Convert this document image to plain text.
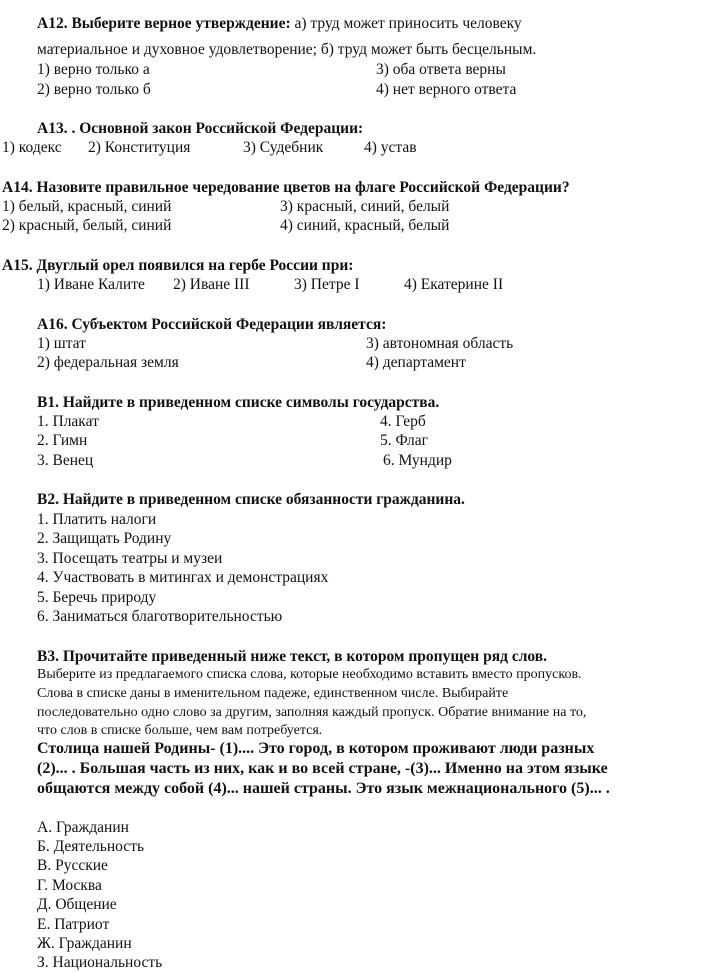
А12. Выберите верное утверждение: а) труд может приносить человеку
материальное и духовное удовлетворение; б) труд может быть бесцельным.
1) верно только а
2) верно только б
3) оба ответа верны
4) нет верного ответа
А13. . Основной закон Российской Федерации:
1) кодекс 2) Конституция	3) Судебник	4) устав
А14. Назовите правильное чередование цветов на флаге Российской Федерации?
1) белый, красный, синий
2) красный, белый, синий
3) красный, синий, белый
4) синий, красный, белый
А15. Двуглый орел появился на гербе России при:
1) Иване Калите 2) Иване III	3) Петре I	4) Екатерине II
А16. Субъектом Российской Федерации является:
1) штат
2) федеральная земля
3) автономная область
4) департамент
В1. Найдите в приведенном списке символы государства.
1. Плакат
2. Гимн
3. Венец
4. Герб
5. Флаг
6. Мундир
В2. Найдите в приведенном списке обязанности гражданина.
1. Платить налоги
2. Защищать Родину
3. Посещать театры и музеи
4. Участвовать в митингах и демонстрациях
5. Беречь природу
6. Заниматься благотворительностью
В3. Прочитайте приведенный ниже текст, в котором пропущен ряд слов.
Выберите из предлагаемого списка слова, которые необходимо вставить вместо пропусков.
Слова в списке даны в именительном падеже, единственном числе. Выбирайте
последовательно одно слово за другим, заполняя каждый пропуск. Обратие внимание на то,
что слов в списке больше, чем вам потребуется.
Столица нашей Родины- (1).... Это город, в котором проживают люди разных
(2)... . Большая часть из них, как и во всей стране, -(3)... Именно на этом языке
общаются между собой (4)... нашей страны. Это язык межнационального (5)... .
А. Гражданин
Б. Деятельность
В. Русские
Г. Москва
Д. Общение
Е. Патриот
Ж. Гражданин
З. Национальность
